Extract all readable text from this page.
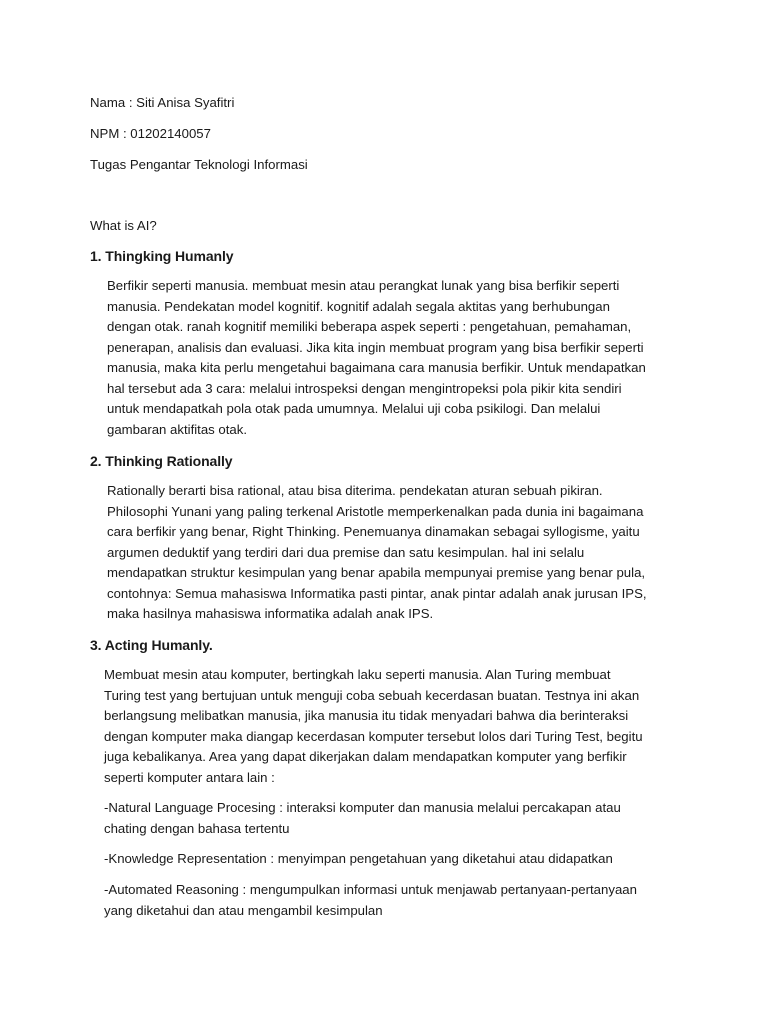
Nama : Siti Anisa Syafitri
NPM : 01202140057
Tugas Pengantar Teknologi Informasi
What is AI?
1. Thingking Humanly
Berfikir seperti manusia. membuat mesin atau perangkat lunak yang bisa berfikir seperti
manusia. Pendekatan model kognitif. kognitif adalah segala aktitas yang berhubungan
dengan otak. ranah kognitif memiliki beberapa aspek seperti : pengetahuan, pemahaman,
penerapan, analisis dan evaluasi. Jika kita ingin membuat program yang bisa berfikir seperti
manusia, maka kita perlu mengetahui bagaimana cara manusia berfikir. Untuk mendapatkan
hal tersebut ada 3 cara: melalui introspeksi dengan mengintropeksi pola pikir kita sendiri
untuk mendapatkah pola otak pada umumnya. Melalui uji coba psikilogi. Dan melalui
gambaran aktifitas otak.
2. Thinking Rationally
Rationally berarti bisa rational, atau bisa diterima. pendekatan aturan sebuah pikiran.
Philosophi Yunani yang paling terkenal Aristotle memperkenalkan pada dunia ini bagaimana
cara berfikir yang benar, Right Thinking. Penemuanya dinamakan sebagai syllogisme, yaitu
argumen deduktif yang terdiri dari dua premise dan satu kesimpulan. hal ini selalu
mendapatkan struktur kesimpulan yang benar apabila mempunyai premise yang benar pula,
contohnya: Semua mahasiswa Informatika pasti pintar, anak pintar adalah anak jurusan IPS,
maka hasilnya mahasiswa informatika adalah anak IPS.
3. Acting Humanly.
Membuat mesin atau komputer, bertingkah laku seperti manusia. Alan Turing membuat
Turing test yang bertujuan untuk menguji coba sebuah kecerdasan buatan. Testnya ini akan
berlangsung melibatkan manusia, jika manusia itu tidak menyadari bahwa dia berinteraksi
dengan komputer maka diangap kecerdasan komputer tersebut lolos dari Turing Test, begitu
juga kebalikanya. Area yang dapat dikerjakan dalam mendapatkan komputer yang berfikir
seperti komputer antara lain :
-Natural Language Procesing : interaksi komputer dan manusia melalui percakapan atau
chating dengan bahasa tertentu
-Knowledge Representation : menyimpan pengetahuan yang diketahui atau didapatkan
-Automated Reasoning : mengumpulkan informasi untuk menjawab pertanyaan-pertanyaan
yang diketahui dan atau mengambil kesimpulan
